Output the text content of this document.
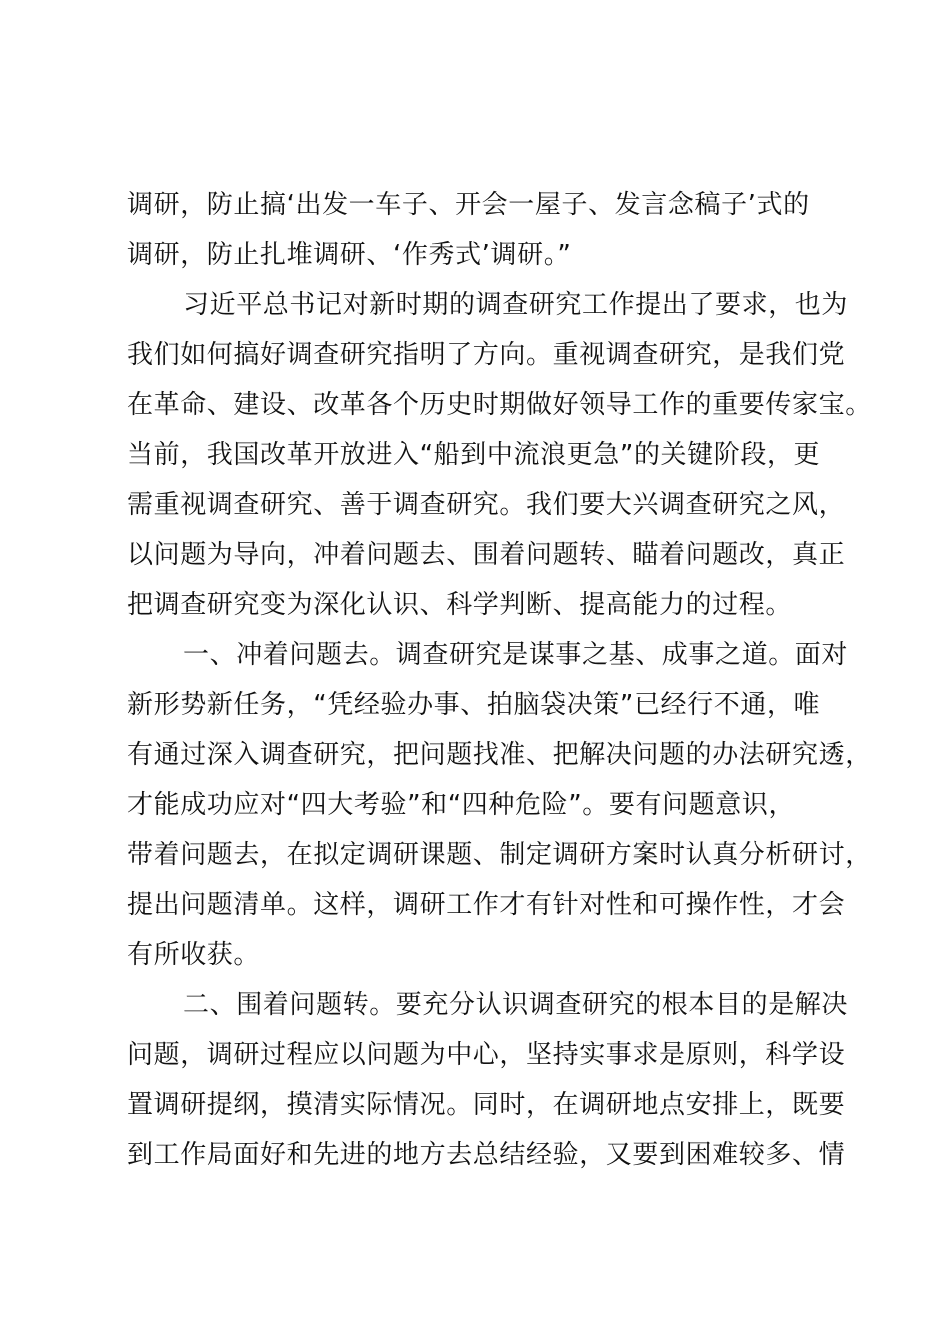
调研，防止搞‘出发一车子、开会一屋子、发言念稿子’式的
调研，防止扎堆调研、‘作秀式’调研。”
习近平总书记对新时期的调查研究工作提出了要求，也为
我们如何搞好调查研究指明了方向。重视调查研究，是我们党
在革命、建设、改革各个历史时期做好领导工作的重要传家宝。
当前，我国改革开放进入“船到中流浪更急”的关键阶段，更
需重视调查研究、善于调查研究。我们要大兴调查研究之风，
以问题为导向，冲着问题去、围着问题转、瞄着问题改，真正
把调查研究变为深化认识、科学判断、提高能力的过程。
一、冲着问题去。调查研究是谋事之基、成事之道。面对
新形势新任务，“凭经验办事、拍脑袋决策”已经行不通，唯
有通过深入调查研究，把问题找准、把解决问题的办法研究透，
才能成功应对“四大考验”和“四种危险”。要有问题意识，
带着问题去，在拟定调研课题、制定调研方案时认真分析研讨，
提出问题清单。这样，调研工作才有针对性和可操作性，才会
有所收获。
二、围着问题转。要充分认识调查研究的根本目的是解决
问题，调研过程应以问题为中心，坚持实事求是原则，科学设
置调研提纲，摸清实际情况。同时，在调研地点安排上，既要
到工作局面好和先进的地方去总结经验，又要到困难较多、情
